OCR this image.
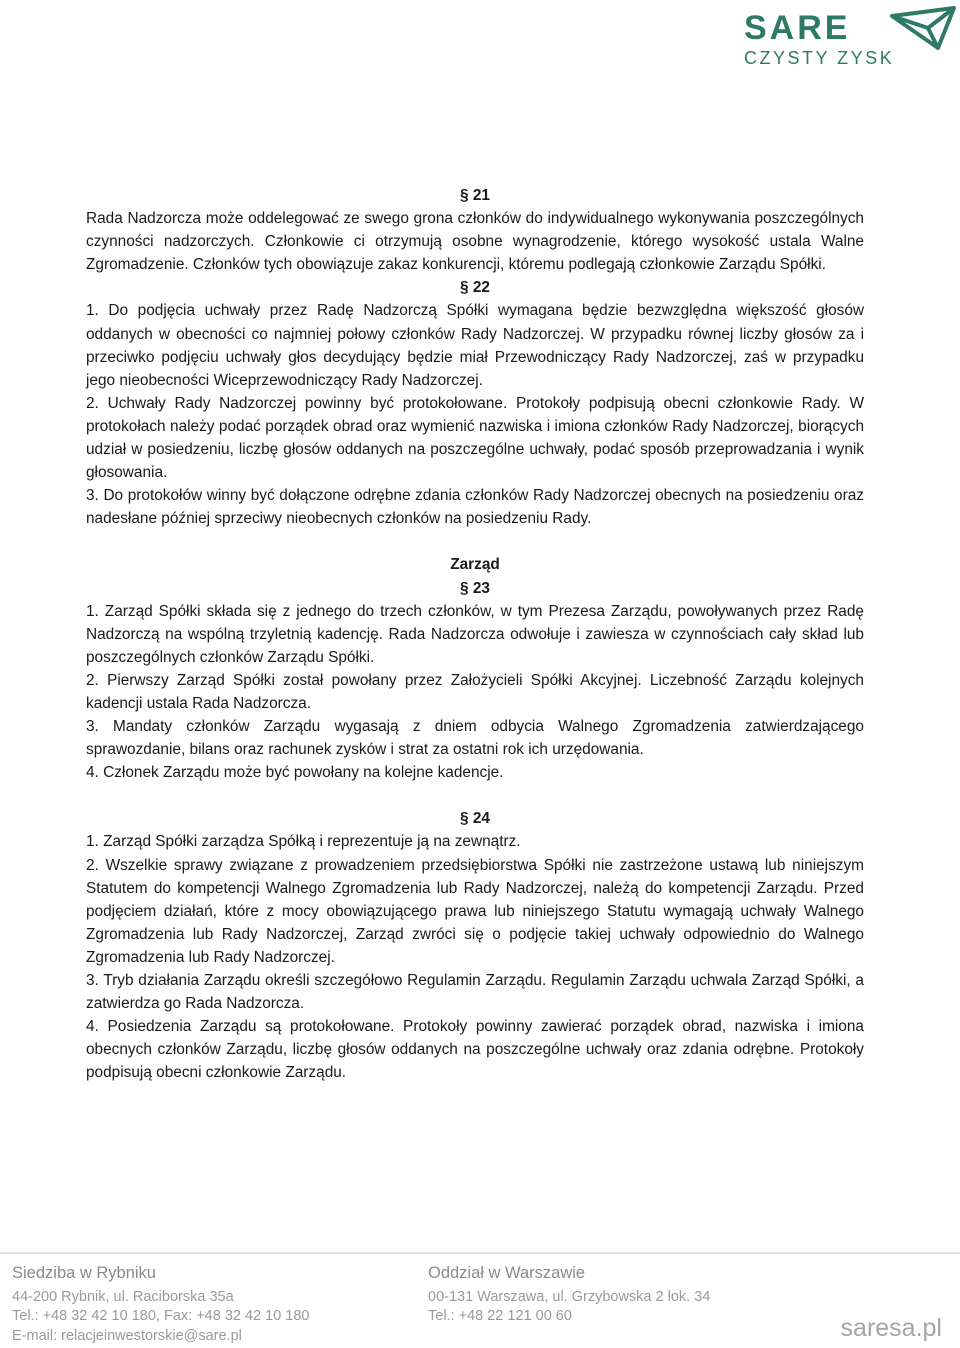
SARE
CZYSTY ZYSK

§ 21

Rada Nadzorcza może oddelegować ze swego grona członków do indywidualnego wykonywania poszczególnych czynności nadzorczych. Członkowie ci otrzymują osobne wynagrodzenie, którego wysokość ustala Walne Zgromadzenie. Członków tych obowiązuje zakaz konkurencji, któremu podlegają członkowie Zarządu Spółki.

§ 22

1. Do podjęcia uchwały przez Radę Nadzorczą Spółki wymagana będzie bezwzględna większość głosów oddanych w obecności co najmniej połowy członków Rady Nadzorczej. W przypadku równej liczby głosów za i przeciwko podjęciu uchwały głos decydujący będzie miał Przewodniczący Rady Nadzorczej, zaś w przypadku jego nieobecności Wiceprzewodniczący Rady Nadzorczej.

2. Uchwały Rady Nadzorczej powinny być protokołowane. Protokoły podpisują obecni członkowie Rady. W protokołach należy podać porządek obrad oraz wymienić nazwiska i imiona członków Rady Nadzorczej, biorących udział w posiedzeniu, liczbę głosów oddanych na poszczególne uchwały, podać sposób przeprowadzania i wynik głosowania.

3. Do protokołów winny być dołączone odrębne zdania członków Rady Nadzorczej obecnych na posiedzeniu oraz nadesłane później sprzeciwy nieobecnych członków na posiedzeniu Rady.

Zarząd

§ 23

1. Zarząd Spółki składa się z jednego do trzech członków, w tym Prezesa Zarządu, powoływanych przez Radę Nadzorczą na wspólną trzyletnią kadencję. Rada Nadzorcza odwołuje i zawiesza w czynnościach cały skład lub poszczególnych członków Zarządu Spółki.

2. Pierwszy Zarząd Spółki został powołany przez Założycieli Spółki Akcyjnej. Liczebność Zarządu kolejnych kadencji ustala Rada Nadzorcza.

3. Mandaty członków Zarządu wygasają z dniem odbycia Walnego Zgromadzenia zatwierdzającego sprawozdanie, bilans oraz rachunek zysków i strat za ostatni rok ich urzędowania.

4. Członek Zarządu może być powołany na kolejne kadencje.

§ 24

1. Zarząd Spółki zarządza Spółką i reprezentuje ją na zewnątrz.

2. Wszelkie sprawy związane z prowadzeniem przedsiębiorstwa Spółki nie zastrzeżone ustawą lub niniejszym Statutem do kompetencji Walnego Zgromadzenia lub Rady Nadzorczej, należą do kompetencji Zarządu. Przed podjęciem działań, które z mocy obowiązującego prawa lub niniejszego Statutu wymagają uchwały Walnego Zgromadzenia lub Rady Nadzorczej, Zarząd zwróci się o podjęcie takiej uchwały odpowiednio do Walnego Zgromadzenia lub Rady Nadzorczej.

3. Tryb działania Zarządu określi szczegółowo Regulamin Zarządu. Regulamin Zarządu uchwala Zarząd Spółki, a zatwierdza go Rada Nadzorcza.

4. Posiedzenia Zarządu są protokołowane. Protokoły powinny zawierać porządek obrad, nazwiska i imiona obecnych członków Zarządu, liczbę głosów oddanych na poszczególne uchwały oraz zdania odrębne. Protokoły podpisują obecni członkowie Zarządu.

Siedziba w Rybniku
44-200 Rybnik, ul. Raciborska 35a
Tel.: +48 32 42 10 180, Fax: +48 32 42 10 180
E-mail: relacjeinwestorskie@sare.pl
Oddział w Warszawie
00-131 Warszawa, ul. Grzybowska 2 lok. 34
Tel.: +48 22 121 00 60	saresa.pl
